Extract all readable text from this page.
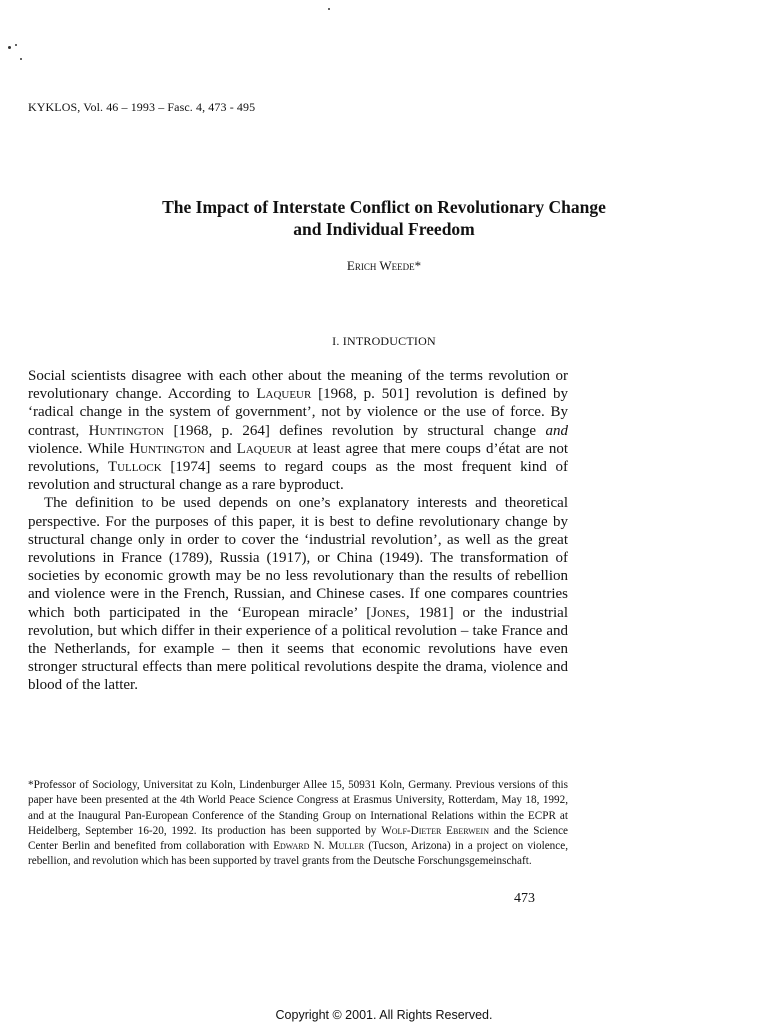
KYKLOS, Vol. 46 – 1993 – Fasc. 4, 473 - 495
The Impact of Interstate Conflict on Revolutionary Change
and Individual Freedom
Erich Weede*
I. INTRODUCTION

Social scientists disagree with each other about the meaning of the terms revolution or revolutionary change. According to Laqueur [1968, p. 501] revolution is defined by ‘radical change in the system of government’, not by violence or the use of force. By contrast, Huntington [1968, p. 264] defines revolution by structural change and violence. While Huntington and Laqueur at least agree that mere coups d’état are not revolutions, Tullock [1974] seems to regard coups as the most frequent kind of revolution and structural change as a rare byproduct.

The definition to be used depends on one’s explanatory interests and theoretical perspective. For the purposes of this paper, it is best to define revolutionary change by structural change only in order to cover the ‘industrial revolution’, as well as the great revolutions in France (1789), Russia (1917), or China (1949). The transformation of societies by economic growth may be no less revolutionary than the results of rebellion and violence were in the French, Russian, and Chinese cases. If one compares countries which both participated in the ‘European miracle’ [Jones, 1981] or the industrial revolution, but which differ in their experience of a political revolution – take France and the Netherlands, for example – then it seems that economic revolutions have even stronger structural effects than mere political revolutions despite the drama, violence and blood of the latter.

*Professor of Sociology, Universitat zu Koln, Lindenburger Allee 15, 50931 Koln, Germany. Previous versions of this paper have been presented at the 4th World Peace Science Congress at Erasmus University, Rotterdam, May 18, 1992, and at the Inaugural Pan-European Conference of the Standing Group on International Relations within the ECPR at Heidelberg, September 16-20, 1992. Its production has been supported by Wolf-Dieter Eberwein and the Science Center Berlin and benefited from collaboration with Edward N. Muller (Tucson, Arizona) in a project on violence, rebellion, and revolution which has been supported by travel grants from the Deutsche Forschungsgemeinschaft.
473
Copyright © 2001. All Rights Reserved.
